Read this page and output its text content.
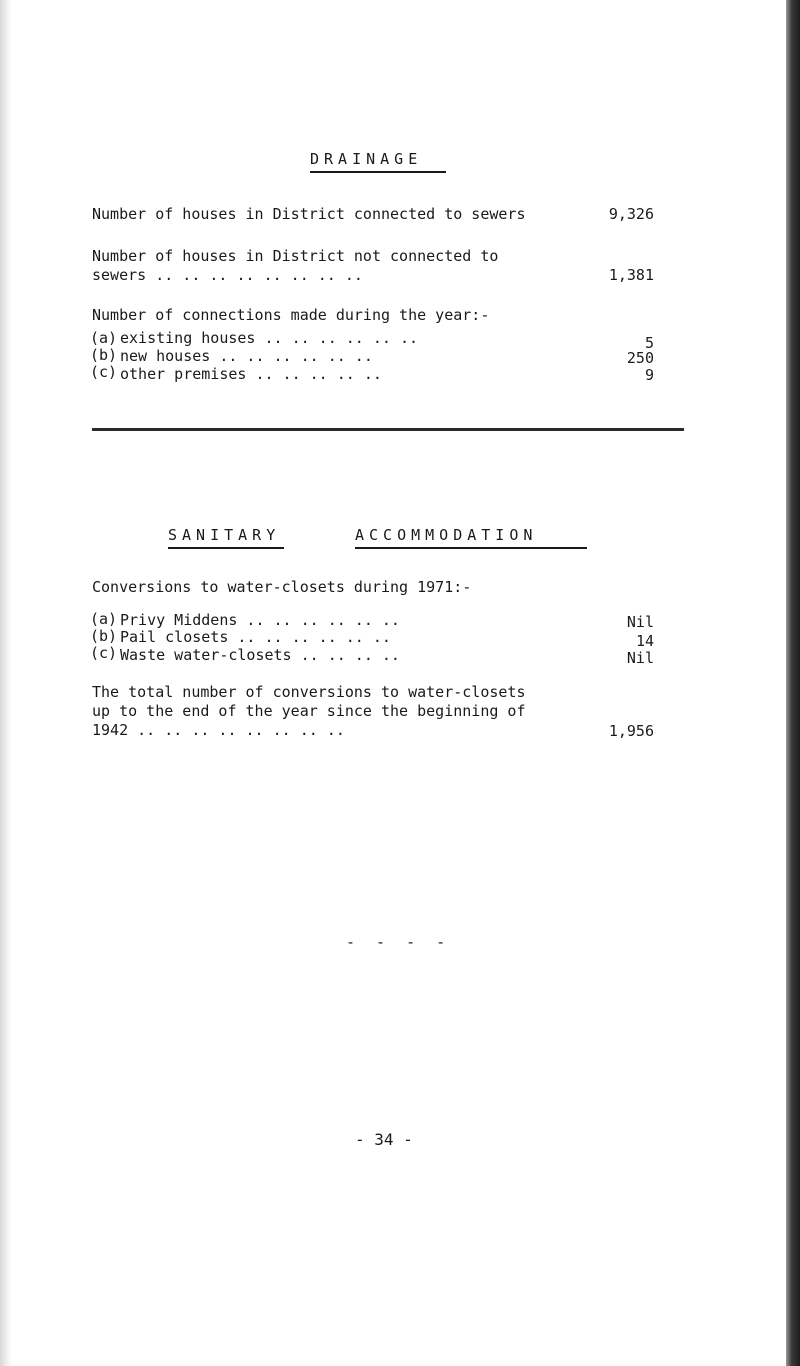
DRAINAGE
Number of houses in District connected to sewers	9,326
Number of houses in District not connected to
sewers .. .. .. .. .. .. .. ..	1,381
Number of connections made during the year:-
(a) existing houses .. .. .. .. .. ..	5
(b) new houses .. .. .. .. .. ..	250
(c) other premises .. .. .. .. ..	9
SANITARY	ACCOMMODATION
Conversions to water-closets during 1971:-
(a) Privy Middens .. .. .. .. .. ..	Nil
(b) Pail closets .. .. .. .. .. ..	14
(c) Waste water-closets .. .. .. ..	Nil
The total number of conversions to water-closets
up to the end of the year since the beginning of
1942 .. .. .. .. .. .. .. ..	1,956
- - - -
- 34 -
